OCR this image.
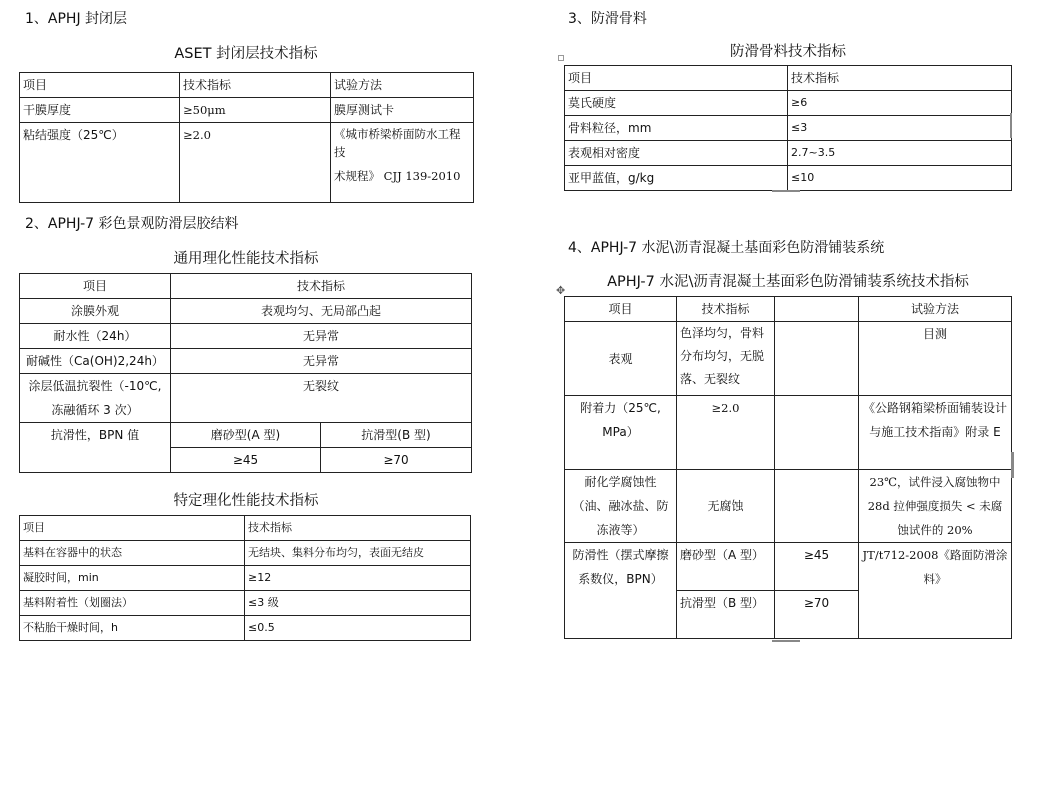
1、APHJ 封闭层
ASET 封闭层技术指标
项目	技术指标	试验方法
干膜厚度	≥50μm	膜厚测试卡
粘结强度（25℃）	≥2.0	《城市桥梁桥面防水工程技
术规程》 CJJ 139-2010
2、APHJ-7 彩色景观防滑层胶结料
通用理化性能技术指标
项目	技术指标	
涂膜外观	表观均匀、无局部凸起	
耐水性（24h）	无异常	
耐碱性（Ca(OH)2,24h）	无异常	
涂层低温抗裂性（-10℃, 冻融循环 3 次）	无裂纹	
抗滑性，BPN 值	磨砂型(A 型)	抗滑型(B 型)
	≥45	≥70
特定理化性能技术指标
项目	技术指标
基料在容器中的状态	无结块、集料分布均匀，表面无结皮
凝胶时间，min	≥12
基料附着性（划圈法）	≤3 级
不粘胎干燥时间，h	≤0.5
3、防滑骨料
防滑骨料技术指标
项目	技术指标
莫氏硬度	≥6
骨料粒径，mm	≤3
表观相对密度	2.7~3.5
亚甲蓝值，g/kg	≤10
4、APHJ-7 水泥\沥青混凝土基面彩色防滑铺装系统
APHJ-7 水泥\沥青混凝土基面彩色防滑铺装系统技术指标
✥
项目	技术指标		试验方法
表观	色泽均匀，骨料分布均匀，无脱落、无裂纹		目测
附着力（25℃, MPa）	≥2.0		《公路钢箱梁桥面铺装设计与施工技术指南》附录 E
耐化学腐蚀性（油、融冰盐、防冻液等）	无腐蚀		23℃，试件浸入腐蚀物中 28d 拉伸强度损失 < 未腐蚀试件的 20%
防滑性（摆式摩擦系数仪，BPN）	磨砂型（A 型）	≥45	JT/t712-2008《路面防滑涂料》
	抗滑型（B 型）	≥70	
